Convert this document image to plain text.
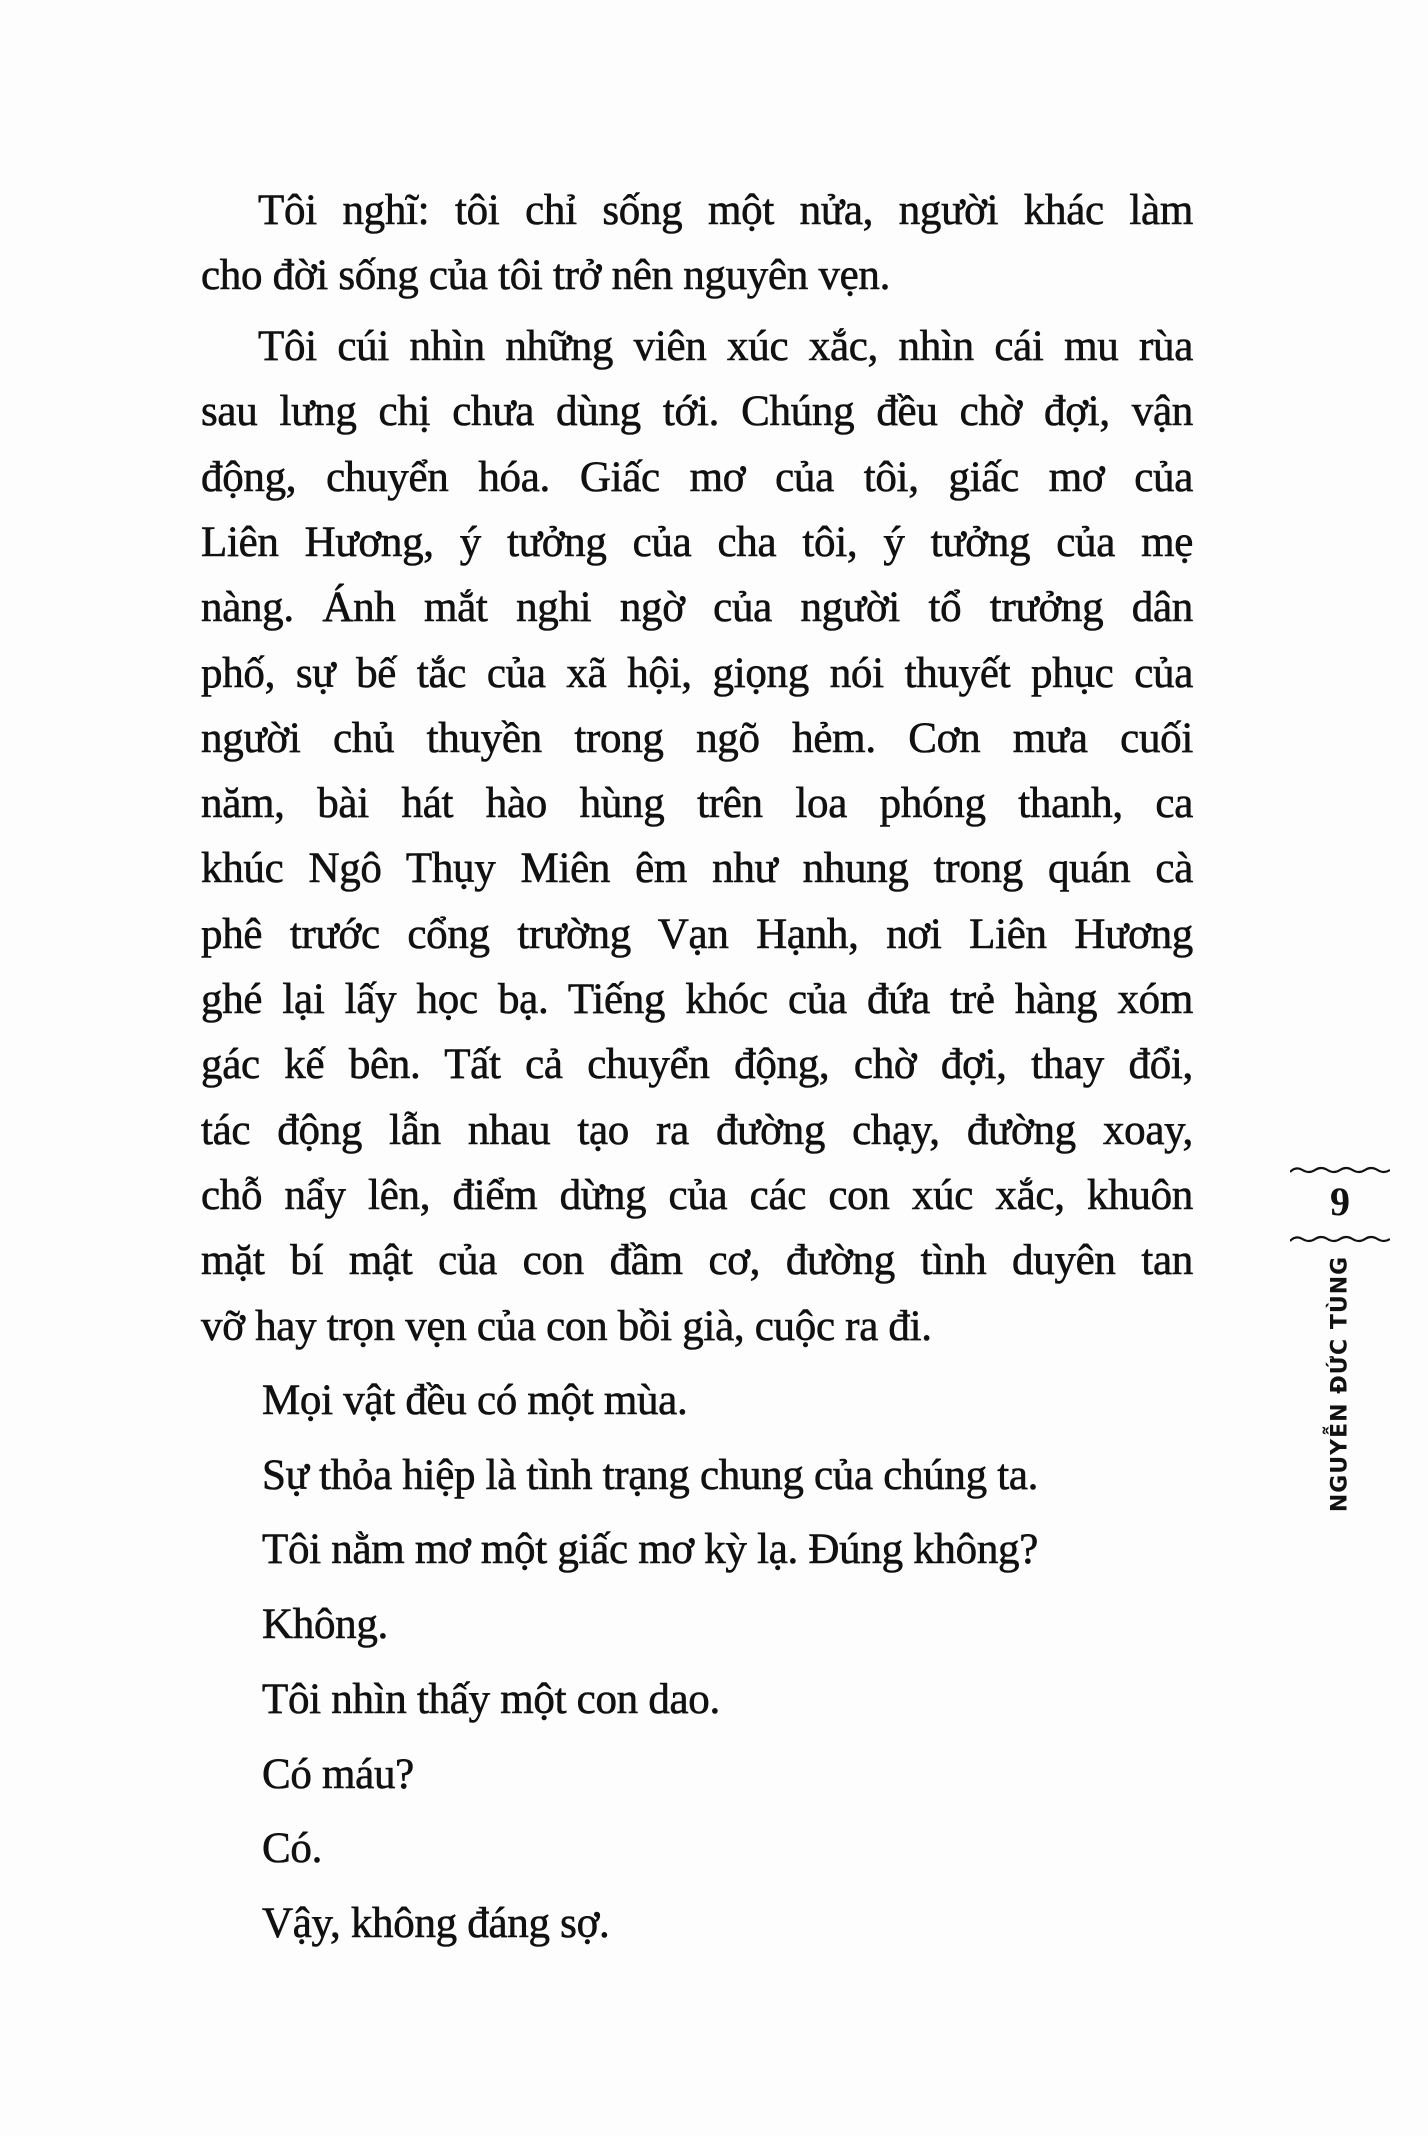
Tôi nghĩ: tôi chỉ sống một nửa, người khác làm
cho đời sống của tôi trở nên nguyên vẹn.
Tôi cúi nhìn những viên xúc xắc, nhìn cái mu rùa
sau lưng chị chưa dùng tới. Chúng đều chờ đợi, vận
động, chuyển hóa. Giấc mơ của tôi, giấc mơ của
Liên Hương, ý tưởng của cha tôi, ý tưởng của mẹ
nàng. Ánh mắt nghi ngờ của người tổ trưởng dân
phố, sự bế tắc của xã hội, giọng nói thuyết phục của
người chủ thuyền trong ngõ hẻm. Cơn mưa cuối
năm, bài hát hào hùng trên loa phóng thanh, ca
khúc Ngô Thụy Miên êm như nhung trong quán cà
phê trước cổng trường Vạn Hạnh, nơi Liên Hương
ghé lại lấy học bạ. Tiếng khóc của đứa trẻ hàng xóm
gác kế bên. Tất cả chuyển động, chờ đợi, thay đổi,
tác động lẫn nhau tạo ra đường chạy, đường xoay,
chỗ nẩy lên, điểm dừng của các con xúc xắc, khuôn
mặt bí mật của con đầm cơ, đường tình duyên tan
vỡ hay trọn vẹn của con bồi già, cuộc ra đi.
Mọi vật đều có một mùa.
Sự thỏa hiệp là tình trạng chung của chúng ta.
Tôi nằm mơ một giấc mơ kỳ lạ. Đúng không?
Không.
Tôi nhìn thấy một con dao.
Có máu?
Có.
Vậy, không đáng sợ.
9
NGUYỄN ĐỨC TÙNG
